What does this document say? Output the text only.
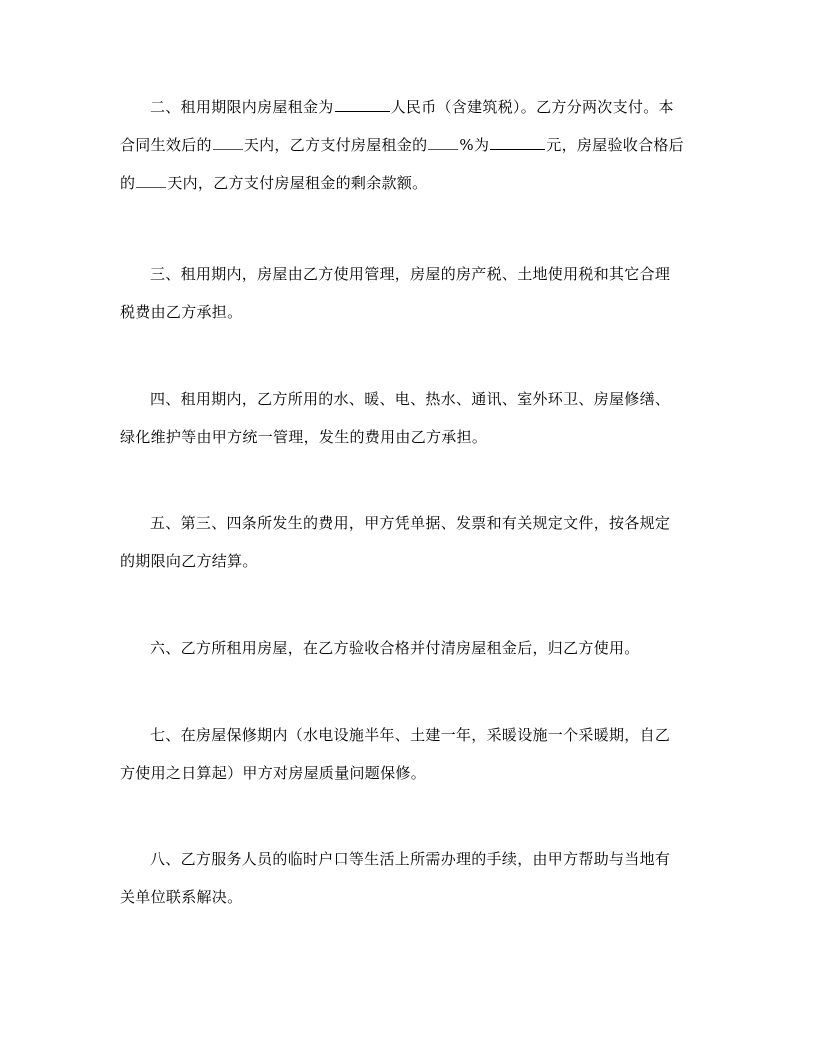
二、租用期限内房屋租金为	人民币（含建筑税）。乙方分两次支付。本
合同生效后的 天内，乙方支付房屋租金的 %为	元，房屋验收合格后
的 天内，乙方支付房屋租金的剩余款额。

三、租用期内，房屋由乙方使用管理，房屋的房产税、土地使用税和其它合理
税费由乙方承担。

四、租用期内，乙方所用的水、暖、电、热水、通讯、室外环卫、房屋修缮、
绿化维护等由甲方统一管理，发生的费用由乙方承担。

五、第三、四条所发生的费用，甲方凭单据、发票和有关规定文件，按各规定
的期限向乙方结算。

六、乙方所租用房屋，在乙方验收合格并付清房屋租金后，归乙方使用。

七、在房屋保修期内（水电设施半年、土建一年，采暖设施一个采暖期，自乙
方使用之日算起）甲方对房屋质量问题保修。

八、乙方服务人员的临时户口等生活上所需办理的手续，由甲方帮助与当地有
关单位联系解决。
